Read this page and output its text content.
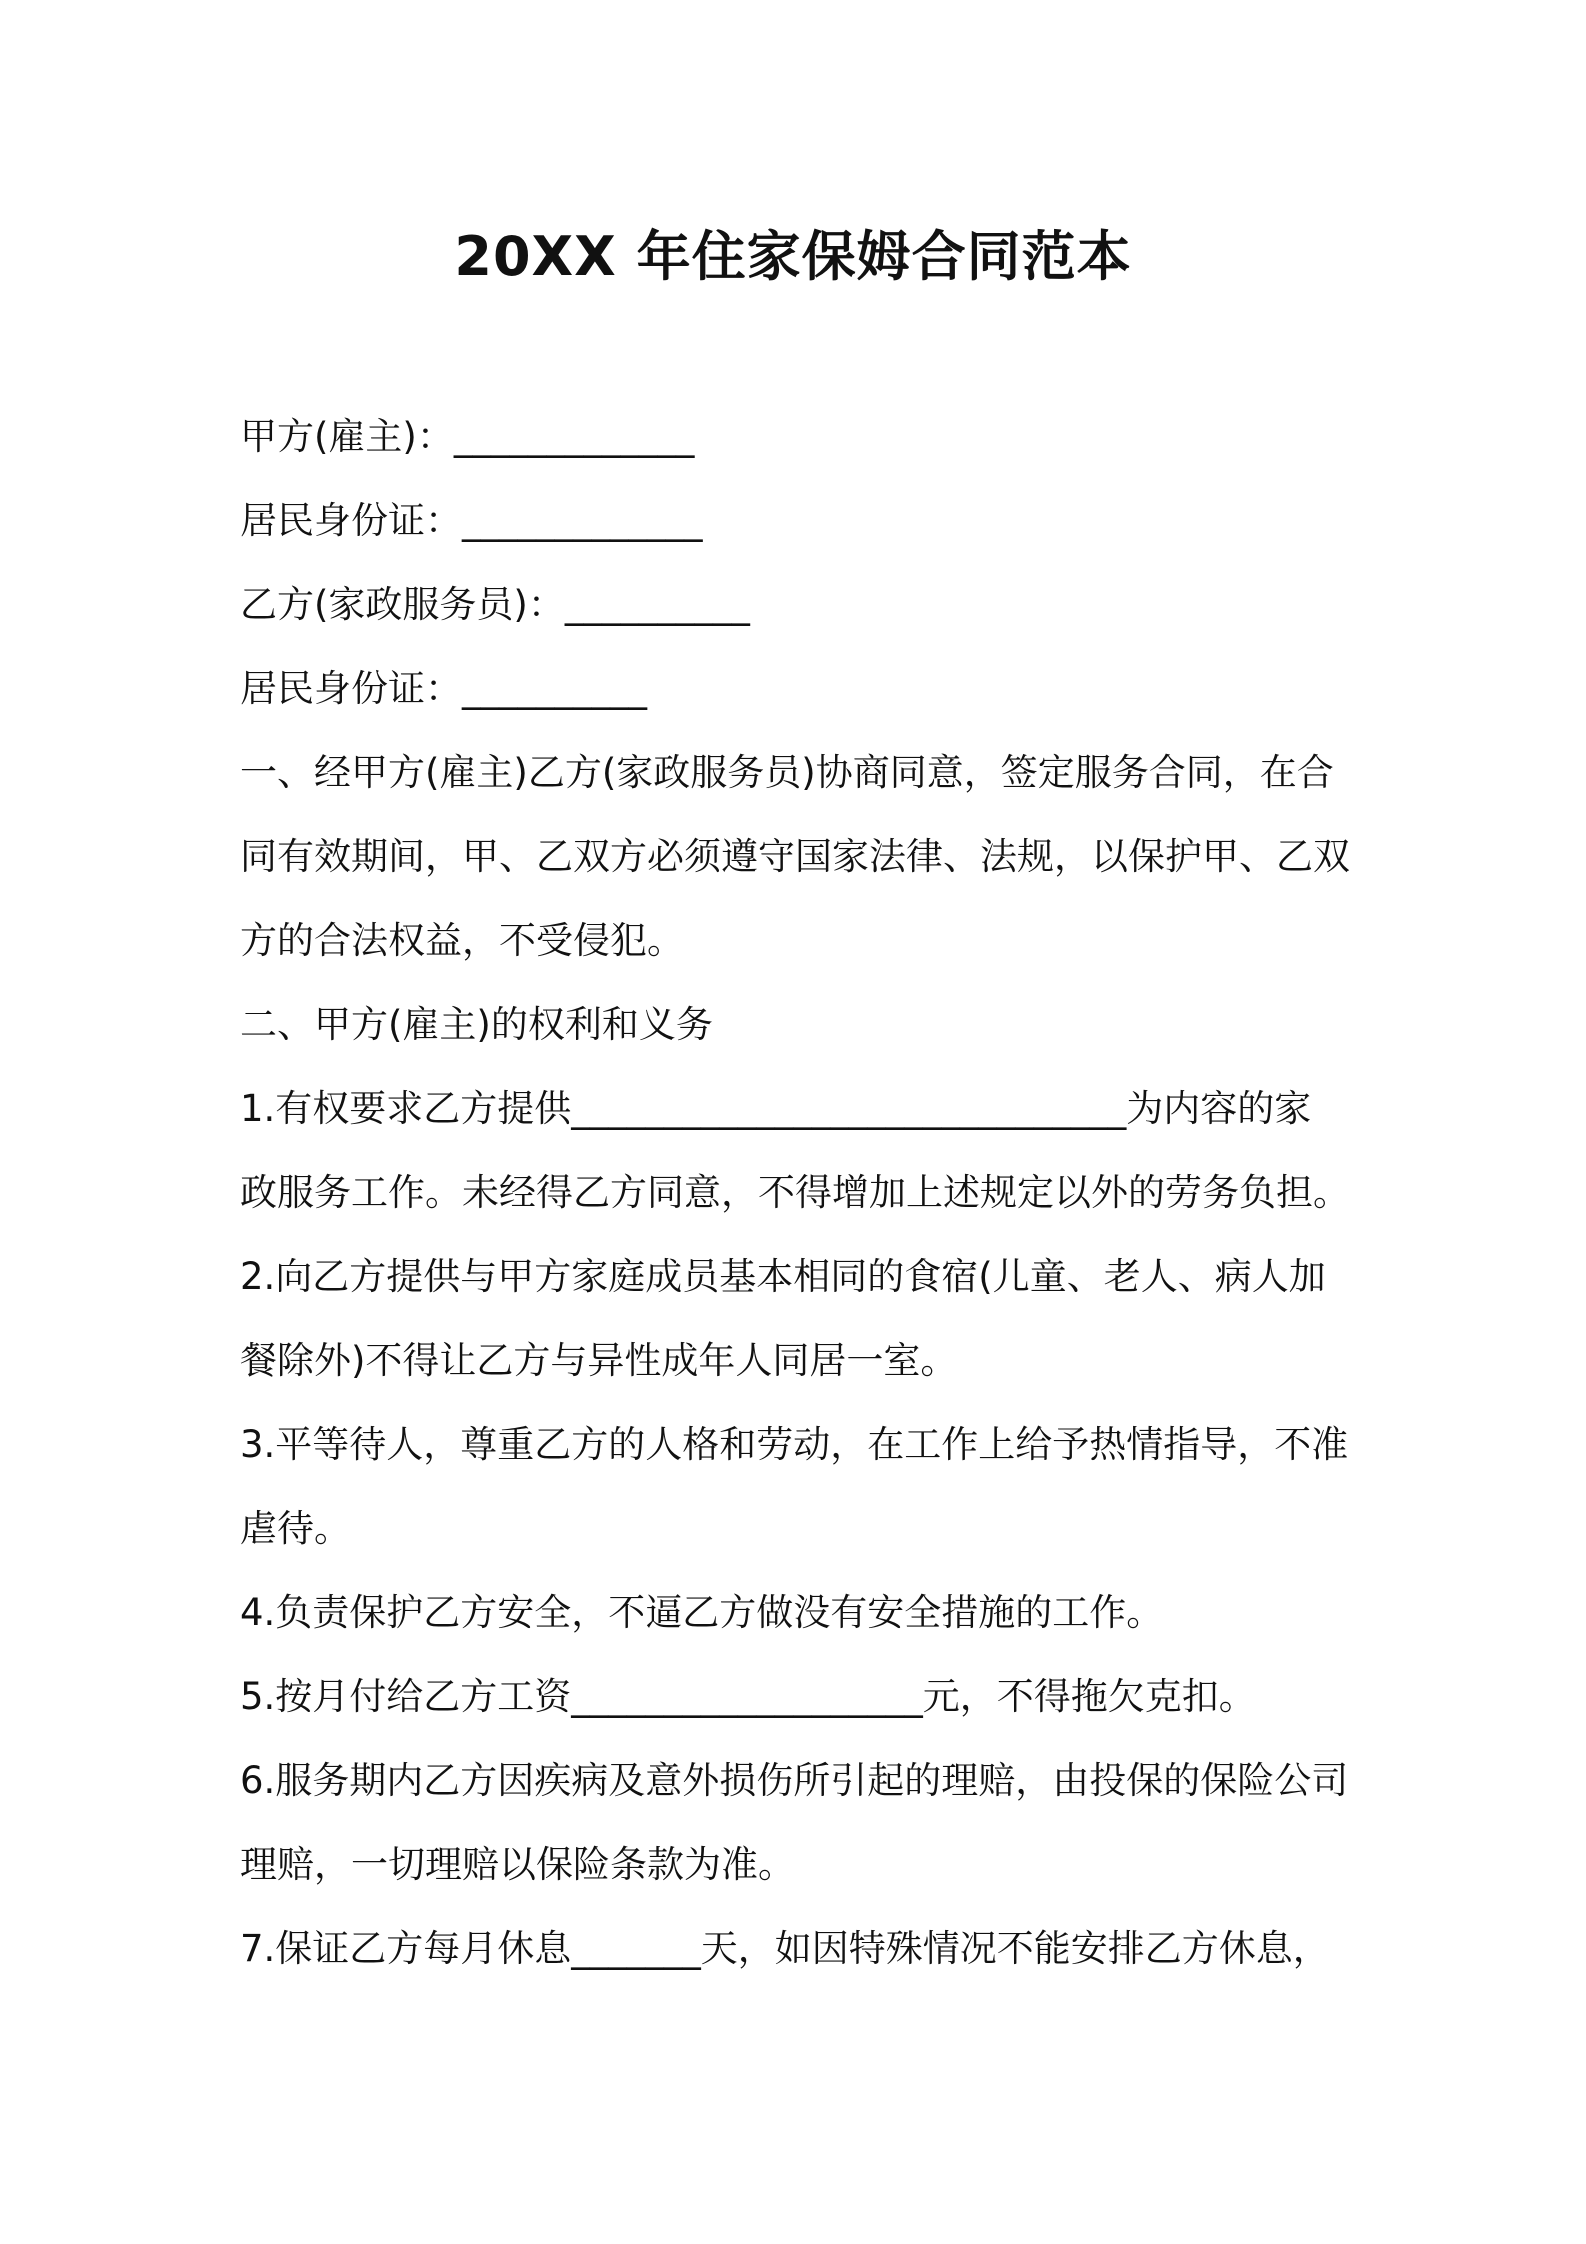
20XX 年住家保姆合同范本
甲方(雇主)：_____________
居民身份证：_____________
乙方(家政服务员)：__________
居民身份证：__________
一、经甲方(雇主)乙方(家政服务员)协商同意，签定服务合同，在合
同有效期间，甲、乙双方必须遵守国家法律、法规，以保护甲、乙双
方的合法权益，不受侵犯。
二、甲方(雇主)的权利和义务
1.有权要求乙方提供______________________________为内容的家
政服务工作。未经得乙方同意，不得增加上述规定以外的劳务负担。
2.向乙方提供与甲方家庭成员基本相同的食宿(儿童、老人、病人加
餐除外)不得让乙方与异性成年人同居一室。
3.平等待人，尊重乙方的人格和劳动，在工作上给予热情指导，不准
虐待。
4.负责保护乙方安全，不逼乙方做没有安全措施的工作。
5.按月付给乙方工资___________________元，不得拖欠克扣。
6.服务期内乙方因疾病及意外损伤所引起的理赔，由投保的保险公司
理赔，一切理赔以保险条款为准。
7.保证乙方每月休息_______天，如因特殊情况不能安排乙方休息，
